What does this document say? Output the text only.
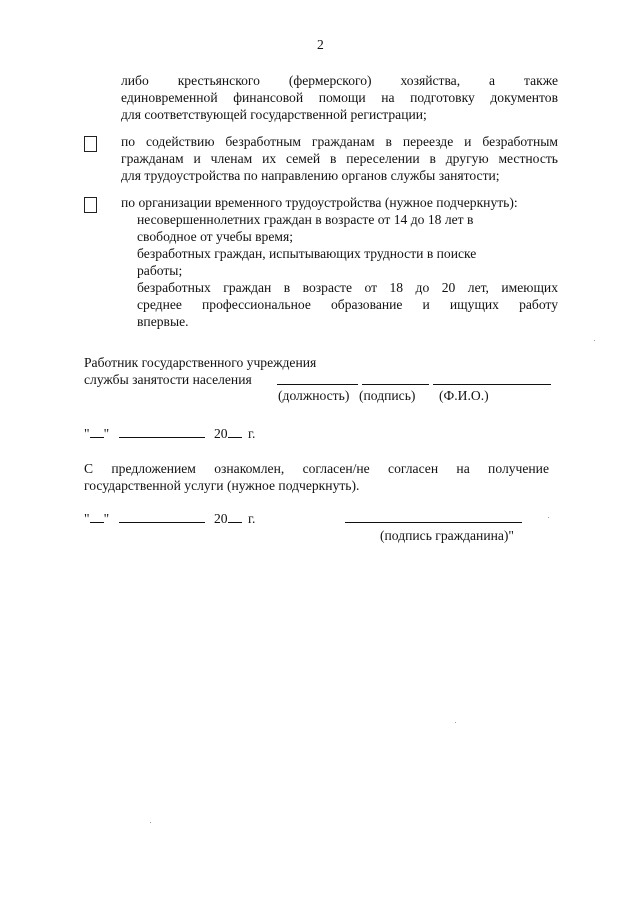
2
либо крестьянского (фермерского) хозяйства, а также
единовременной финансовой помощи на подготовку документов
для соответствующей государственной регистрации;
по содействию безработным гражданам в переезде и безработным
гражданам и членам их семей в переселении в другую местность
для трудоустройства по направлению органов службы занятости;
по организации временного трудоустройства (нужное подчеркнуть):
несовершеннолетних граждан в возрасте от 14 до 18 лет в
свободное от учебы время;
безработных граждан, испытывающих трудности в поиске
работы;
безработных граждан в возрасте от 18 до 20 лет, имеющих
среднее профессиональное образование и ищущих работу
впервые.
Работник государственного учреждения
службы занятости населения
(должность) (подпись) (Ф.И.О.)
" "	20 г.
С предложением ознакомлен, согласен/не согласен на получение
государственной услуги (нужное подчеркнуть).
" "	20 г.
(подпись гражданина)"
